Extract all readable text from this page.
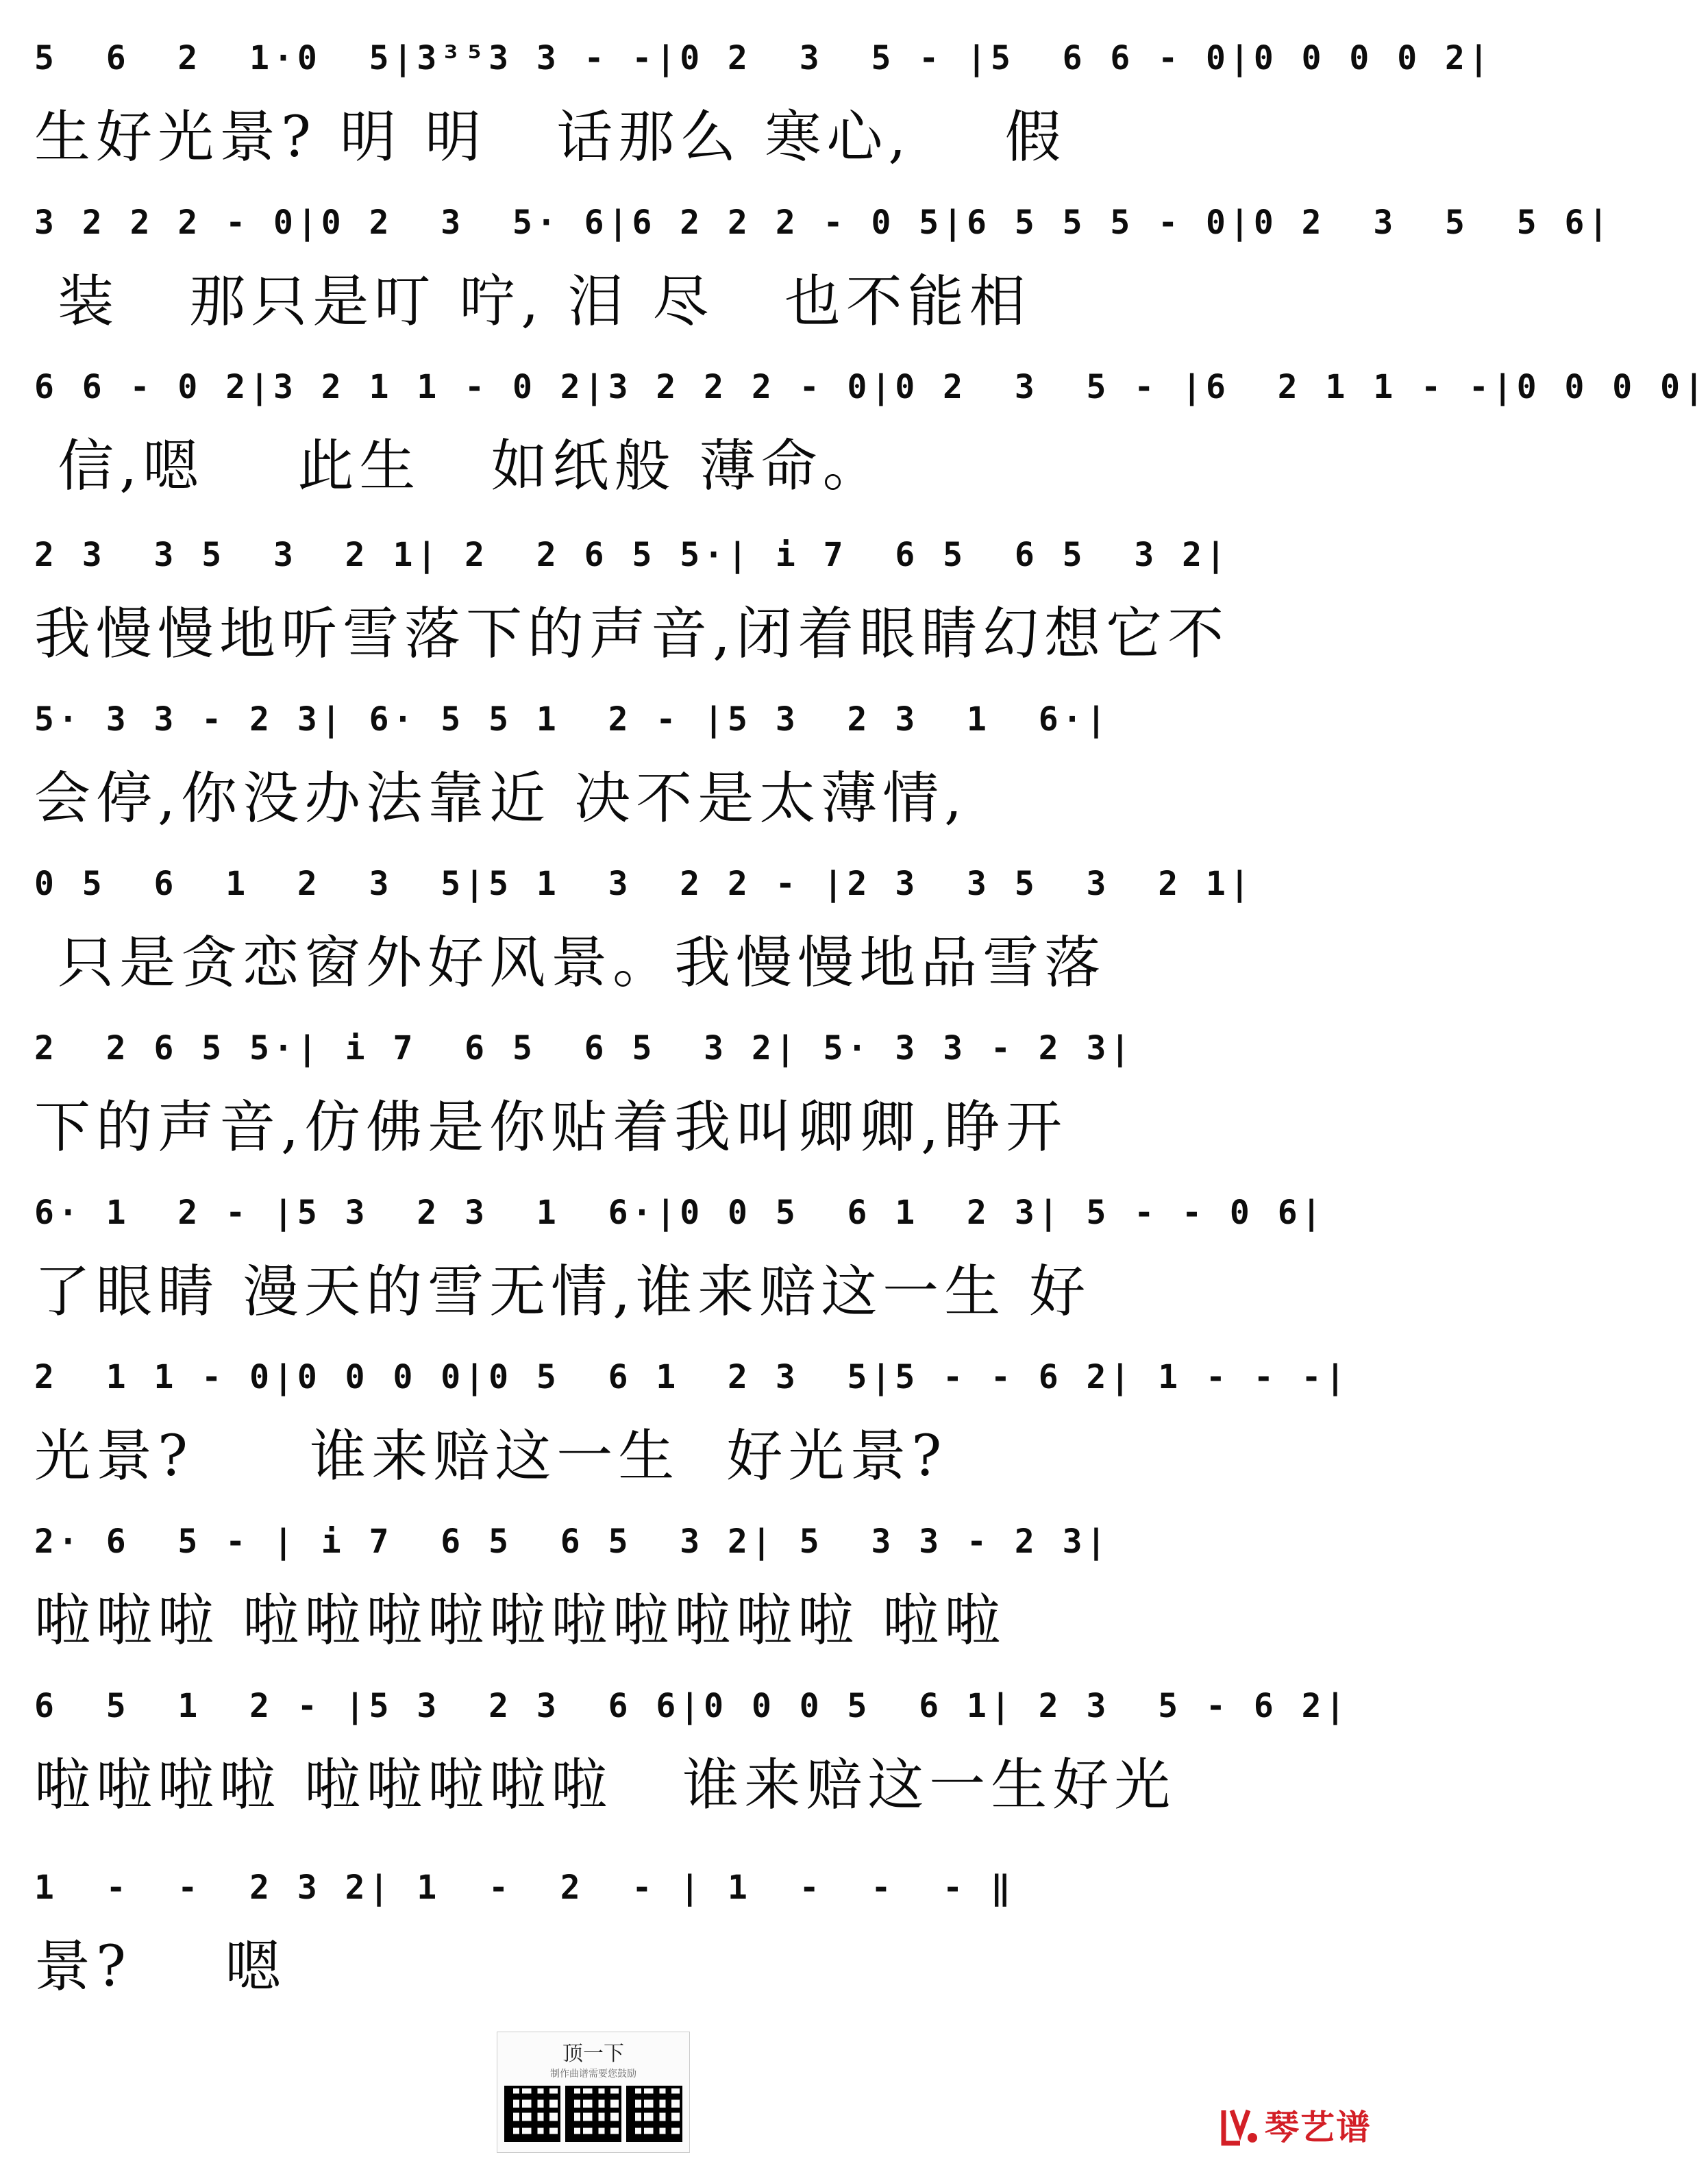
5  6  2  1·0  5|3³⁵3 3 - -|0 2  3  5 - |5  6 6 - 0|0 0 0 0 2|
生好光景? 明 明   话那么 寒心,    假
3 2 2 2 - 0|0 2  3  5· 6|6 2 2 2 - 0 5|6 5 5 5 - 0|0 2  3  5  5 6|
装   那只是叮 咛, 泪 尽   也不能相
6 6 - 0 2|3 2 1 1 - 0 2|3 2 2 2 - 0|0 2  3  5 - |6  2 1 1 - -|0 0 0 0|
信,嗯    此生   如纸般 薄命。
2 3  3 5  3  2 1| 2  2 6 5 5·| i 7  6 5  6 5  3 2|
我慢慢地听雪落下的声音,闭着眼睛幻想它不
5· 3 3 - 2 3| 6· 5 5 1  2 - |5 3  2 3  1  6·|
会停,你没办法靠近 决不是太薄情,
0 5  6  1  2  3  5|5 1  3  2 2 - |2 3  3 5  3  2 1|
只是贪恋窗外好风景。我慢慢地品雪落
2  2 6 5 5·| i 7  6 5  6 5  3 2| 5· 3 3 - 2 3|
下的声音,仿佛是你贴着我叫卿卿,睁开
6· 1  2 - |5 3  2 3  1  6·|0 0 5  6 1  2 3| 5 - - 0 6|
了眼睛 漫天的雪无情,谁来赔这一生 好
2  1 1 - 0|0 0 0 0|0 5  6 1  2 3  5|5 - - 6 2| 1 - - -|
光景?     谁来赔这一生  好光景?
2· 6  5 - | i 7  6 5  6 5  3 2| 5  3 3 - 2 3|
啦啦啦 啦啦啦啦啦啦啦啦啦啦 啦啦
6  5  1  2 - |5 3  2 3  6 6|0 0 0 5  6 1| 2 3  5 - 6 2|
啦啦啦啦 啦啦啦啦啦   谁来赔这一生好光
1  -  -  2 3 2| 1  -  2  - | 1  -  -  - ‖
景?    嗯
顶一下
制作曲谱需要您鼓励
琴艺谱
